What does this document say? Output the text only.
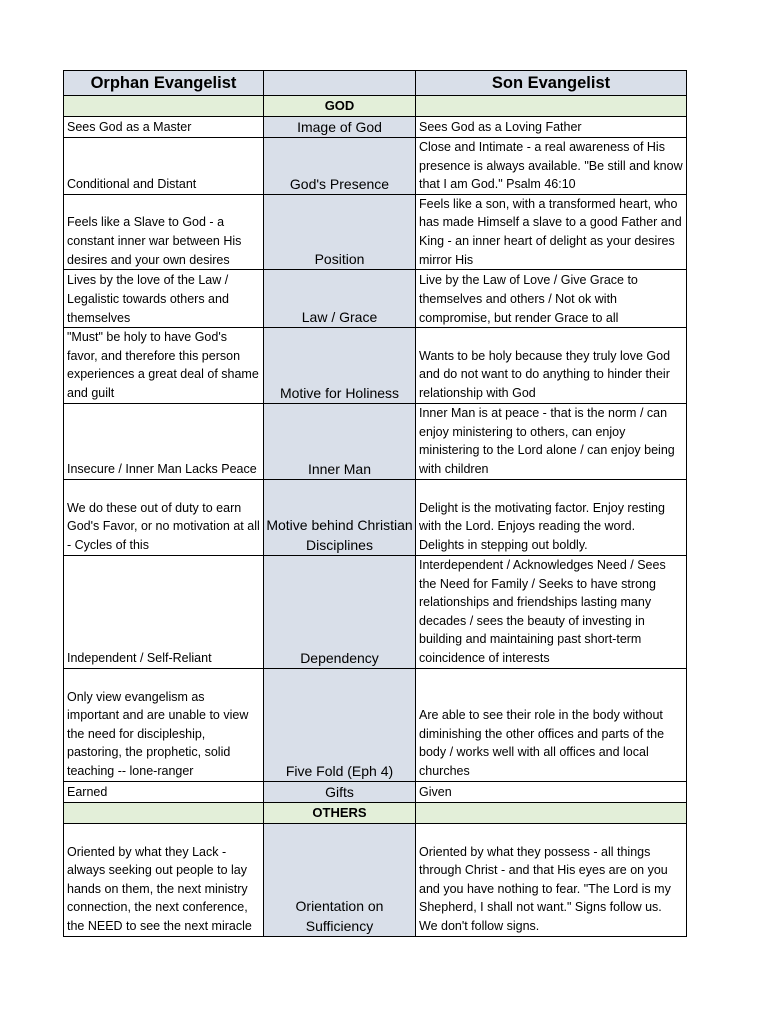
Orphan Evangelist		Son Evangelist
	GOD	
Sees God as a Master	Image of God	Sees God as a Loving Father
Conditional and Distant	God's Presence	Close and Intimate - a real awareness of His presence is always available. "Be still and know that I am God." Psalm 46:10
Feels like a Slave to God - a constant inner war between His desires and your own desires	Position	Feels like a son, with a transformed heart, who has made Himself a slave to a good Father and King - an inner heart of delight as your desires mirror His
Lives by the love of the Law / Legalistic towards others and themselves	Law / Grace	Live by the Law of Love / Give Grace to themselves and others / Not ok with compromise, but render Grace to all
"Must" be holy to have God's favor, and therefore this person experiences a great deal of shame and guilt	Motive for Holiness	Wants to be holy because they truly love God and do not want to do anything to hinder their relationship with God
Insecure / Inner Man Lacks Peace	Inner Man	Inner Man is at peace - that is the norm / can enjoy ministering to others, can enjoy ministering to the Lord alone / can enjoy being with children
We do these out of duty to earn God's Favor, or no motivation at all - Cycles of this	Motive behind Christian Disciplines	Delight is the motivating factor. Enjoy resting with the Lord. Enjoys reading the word. Delights in stepping out boldly.
Independent / Self-Reliant	Dependency	Interdependent / Acknowledges Need / Sees the Need for Family / Seeks to have strong relationships and friendships lasting many decades / sees the beauty of investing in building and maintaining past short-term coincidence of interests
Only view evangelism as important and are unable to view the need for discipleship, pastoring, the prophetic, solid teaching -- lone-ranger	Five Fold (Eph 4)	Are able to see their role in the body without diminishing the other offices and parts of the body / works well with all offices and local churches
Earned	Gifts	Given
	OTHERS	
Oriented by what they Lack - always seeking out people to lay hands on them, the next ministry connection, the next conference, the NEED to see the next miracle	Orientation on Sufficiency	Oriented by what they possess - all things through Christ - and that His eyes are on you and you have nothing to fear. "The Lord is my Shepherd, I shall not want." Signs follow us. We don't follow signs.
